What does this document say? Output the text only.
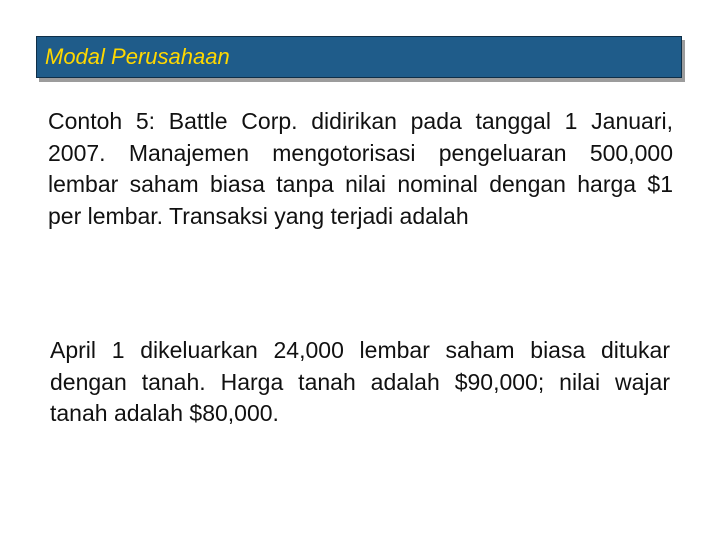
Modal Perusahaan

Contoh 5: Battle Corp. didirikan pada tanggal 1 Januari, 2007. Manajemen mengotorisasi pengeluaran 500,000 lembar saham biasa tanpa nilai nominal dengan harga $1 per lembar. Transaksi yang terjadi adalah

April 1 dikeluarkan 24,000 lembar saham biasa ditukar dengan tanah. Harga tanah adalah $90,000; nilai wajar tanah adalah $80,000.
